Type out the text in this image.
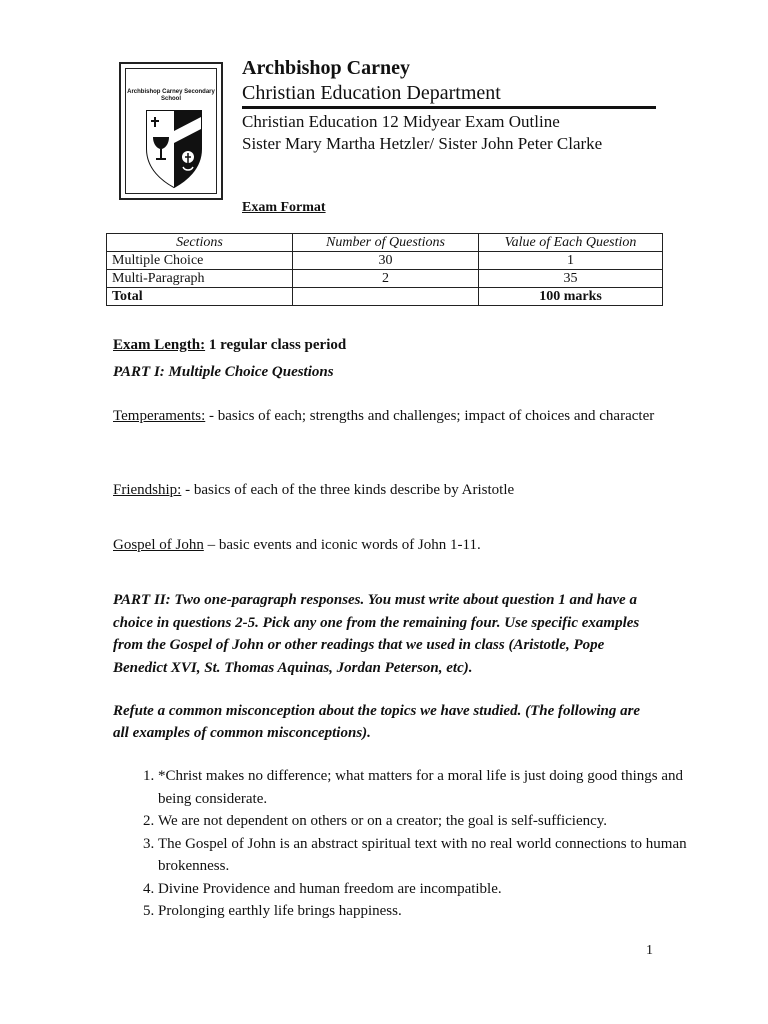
Archbishop Carney Secondary School
Archbishop Carney
Christian Education Department
Christian Education 12 Midyear Exam Outline
Sister Mary Martha Hetzler/ Sister John Peter Clarke
Exam Format
Sections	Number of Questions	Value of Each Question
Multiple Choice	30	1
Multi-Paragraph	2	35
Total		100 marks
Exam Length: 1 regular class period
PART I: Multiple Choice Questions
Temperaments: - basics of each; strengths and challenges; impact of choices and character
Friendship: - basics of each of the three kinds describe by Aristotle
Gospel of John – basic events and iconic words of John 1-11.
PART II: Two one-paragraph responses. You must write about question 1 and have a choice in questions 2-5. Pick any one from the remaining four. Use specific examples from the Gospel of John or other readings that we used in class (Aristotle, Pope Benedict XVI, St. Thomas Aquinas, Jordan Peterson, etc).
Refute a common misconception about the topics we have studied. (The following are all examples of common misconceptions).
1. *Christ makes no difference; what matters for a moral life is just doing good things and being considerate.
2. We are not dependent on others or on a creator; the goal is self-sufficiency.
3. The Gospel of John is an abstract spiritual text with no real world connections to human brokenness.
4. Divine Providence and human freedom are incompatible.
5. Prolonging earthly life brings happiness.
1
